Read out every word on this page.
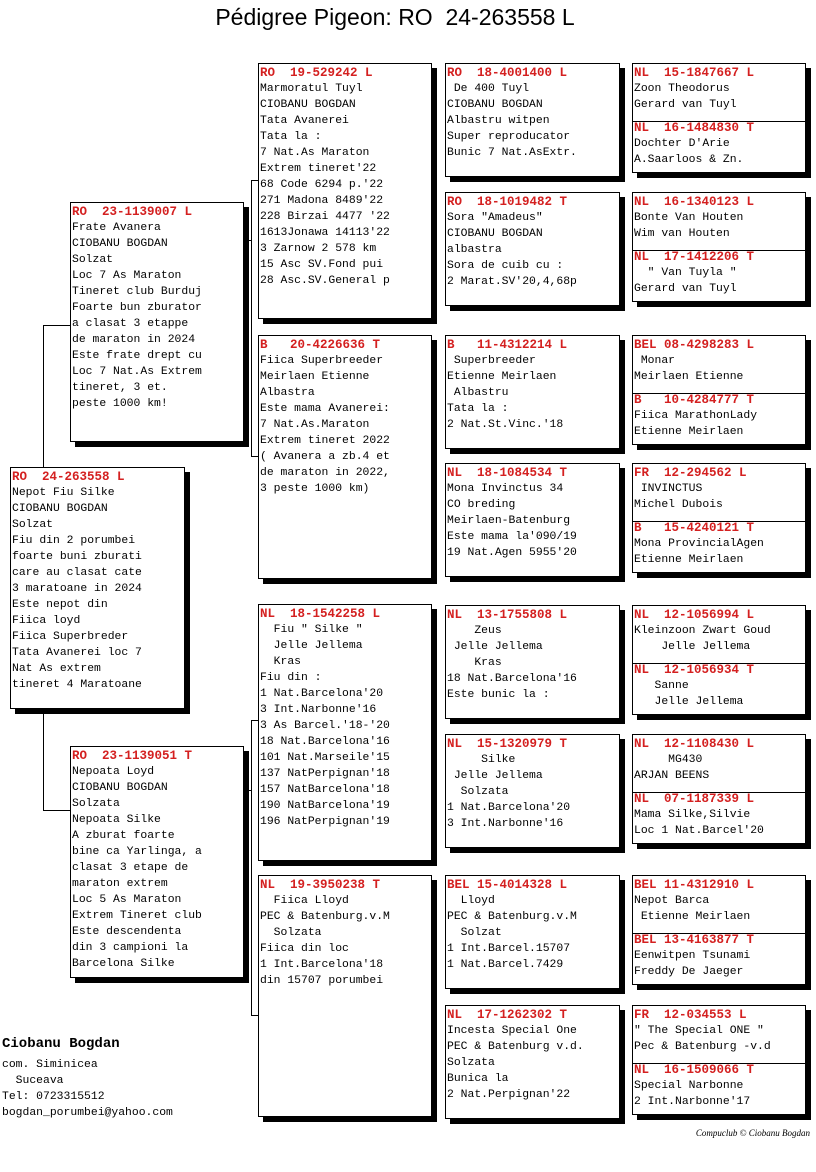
Pédigree Pigeon: RO  24-263558 L
RO  24-263558 L
Nepot Fiu Silke
CIOBANU BOGDAN
Solzat
Fiu din 2 porumbei
foarte buni zburati
care au clasat cate
3 maratoane in 2024
Este nepot din
Fiica loyd
Fiica Superbreder
Tata Avanerei loc 7
Nat As extrem
tineret 4 Maratoane
RO  23-1139007 L
Frate Avanera
CIOBANU BOGDAN
Solzat
Loc 7 As Maraton
Tineret club Burduj
Foarte bun zburator
a clasat 3 etappe
de maraton in 2024
Este frate drept cu
Loc 7 Nat.As Extrem
tineret, 3 et.
peste 1000 km!
RO  23-1139051 T
Nepoata Loyd
CIOBANU BOGDAN
Solzata
Nepoata Silke
A zburat foarte
bine ca Yarlinga, a
clasat 3 etape de
maraton extrem
Loc 5 As Maraton
Extrem Tineret club
Este descendenta
din 3 campioni la
Barcelona Silke
RO  19-529242 L
Marmoratul Tuyl
CIOBANU BOGDAN
Tata Avanerei
Tata la :
7 Nat.As Maraton
Extrem tineret'22
68 Code 6294 p.'22
271 Madona 8489'22
228 Birzai 4477 '22
1613Jonawa 14113'22
3 Zarnow 2 578 km
15 Asc SV.Fond pui
28 Asc.SV.General p
B   20-4226636 T
Fiica Superbreeder
Meirlaen Etienne
Albastra
Este mama Avanerei:
7 Nat.As.Maraton
Extrem tineret 2022
( Avanera a zb.4 et
de maraton in 2022,
3 peste 1000 km)
NL  18-1542258 L
Fiu " Silke "
Jelle Jellema
Kras
Fiu din :
1 Nat.Barcelona'20
3 Int.Narbonne'16
3 As Barcel.'18-'20
18 Nat.Barcelona'16
101 Nat.Marseile'15
137 NatPerpignan'18
157 NatBarcelona'18
190 NatBarcelona'19
196 NatPerpignan'19
NL  19-3950238 T
Fiica Lloyd
PEC & Batenburg.v.M
Solzata
Fiica din loc
1 Int.Barcelona'18
din 15707 porumbei
RO  18-4001400 L
De 400 Tuyl
CIOBANU BOGDAN
Albastru witpen
Super reproducator
Bunic 7 Nat.AsExtr.
RO  18-1019482 T
Sora "Amadeus"
CIOBANU BOGDAN
albastra
Sora de cuib cu :
2 Marat.SV'20,4,68p
B   11-4312214 L
Superbreeder
Etienne Meirlaen
Albastru
Tata la :
2 Nat.St.Vinc.'18
NL  18-1084534 T
Mona Invinctus 34
CO breding
Meirlaen-Batenburg
Este mama la'090/19
19 Nat.Agen 5955'20
NL  13-1755808 L
Zeus
Jelle Jellema
Kras
18 Nat.Barcelona'16
Este bunic la :
NL  15-1320979 T
Silke
Jelle Jellema
Solzata
1 Nat.Barcelona'20
3 Int.Narbonne'16
BEL 15-4014328 L
Lloyd
PEC & Batenburg.v.M
Solzat
1 Int.Barcel.15707
1 Nat.Barcel.7429
NL  17-1262302 T
Incesta Special One
PEC & Batenburg v.d.
Solzata
Bunica la
2 Nat.Perpignan'22
NL  15-1847667 L
Zoon Theodorus
Gerard van Tuyl
NL  16-1484830 T
Dochter D'Arie
A.Saarloos & Zn.
NL  16-1340123 L
Bonte Van Houten
Wim van Houten
NL  17-1412206 T
" Van Tuyla "
Gerard van Tuyl
BEL 08-4298283 L
Monar
Meirlaen Etienne
B   10-4284777 T
Fiica MarathonLady
Etienne Meirlaen
FR  12-294562 L
INVINCTUS
Michel Dubois
B   15-4240121 T
Mona ProvincialAgen
Etienne Meirlaen
NL  12-1056994 L
Kleinzoon Zwart Goud
Jelle Jellema
NL  12-1056934 T
Sanne
Jelle Jellema
NL  12-1108430 L
MG430
ARJAN BEENS
NL  07-1187339 L
Mama Silke,Silvie
Loc 1 Nat.Barcel'20
BEL 11-4312910 L
Nepot Barca
Etienne Meirlaen
BEL 13-4163877 T
Eenwitpen Tsunami
Freddy De Jaeger
FR  12-034553 L
" The Special ONE "
Pec & Batenburg -v.d
NL  16-1509066 T
Special Narbonne
2 Int.Narbonne'17
Ciobanu Bogdan
com. Siminicea
Suceava
Tel: 0723315512
bogdan_porumbei@yahoo.com
Compuclub © Ciobanu Bogdan
